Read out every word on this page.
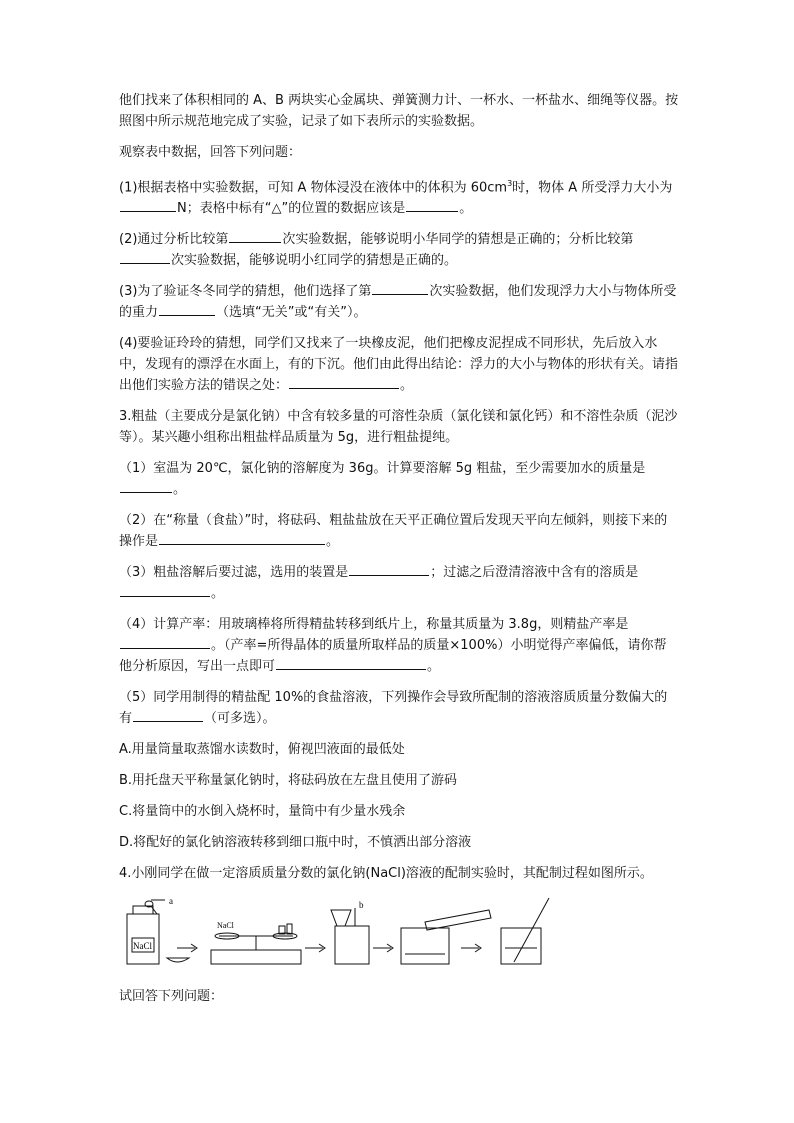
他们找来了体积相同的 A、B 两块实心金属块、弹簧测力计、一杯水、一杯盐水、细绳等仪器。按照图中所示规范地完成了实验，记录了如下表所示的实验数据。

观察表中数据，回答下列问题：

(1)根据表格中实验数据，可知 A 物体浸没在液体中的体积为 $60cm^3$时，物体 A 所受浮力大小为N；表格中标有“△”的位置的数据应该是	。

(2)通过分析比较第	次实验数据，能够说明小华同学的猜想是正确的；分析比较第次实验数据，能够说明小红同学的猜想是正确的。

(3)为了验证冬冬同学的猜想，他们选择了第	次实验数据，他们发现浮力大小与物体所受的重力	（选填“无关”或“有关”）。

(4)要验证玲玲的猜想，同学们又找来了一块橡皮泥，他们把橡皮泥捏成不同形状，先后放入水中，发现有的漂浮在水面上，有的下沉。他们由此得出结论：浮力的大小与物体的形状有关。请指出他们实验方法的错误之处：	。

3.粗盐（主要成分是氯化钠）中含有较多量的可溶性杂质（氯化镁和氯化钙）和不溶性杂质（泥沙等）。某兴趣小组称出粗盐样品质量为 5g，进行粗盐提纯。

（1）室温为 20℃，氯化钠的溶解度为 36g。计算要溶解 5g 粗盐，至少需要加水的质量是。

（2）在“称量（食盐）”时，将砝码、粗盐盐放在天平正确位置后发现天平向左倾斜，则接下来的操作是	。

（3）粗盐溶解后要过滤，选用的装置是	；过滤之后澄清溶液中含有的溶质是。

（4）计算产率：用玻璃棒将所得精盐转移到纸片上，称量其质量为 3.8g，则精盐产率是。（产率=所得晶体的质量所取样品的质量×100%）小明觉得产率偏低，请你帮他分析原因，写出一点即可	。

（5）同学用制得的精盐配 10%的食盐溶液，下列操作会导致所配制的溶液溶质质量分数偏大的有	（可多选）。

A.用量筒量取蒸馏水读数时，俯视凹液面的最低处

B.用托盘天平称量氯化钠时，将砝码放在左盘且使用了游码

C.将量筒中的水倒入烧杯时，量筒中有少量水残余

D.将配好的氯化钠溶液转移到细口瓶中时，不慎洒出部分溶液

4.小刚同学在做一定溶质质量分数的氯化钠(NaCl)溶液的配制实验时，其配制过程如图所示。

a	b
NaCl
NaCl

试回答下列问题：
